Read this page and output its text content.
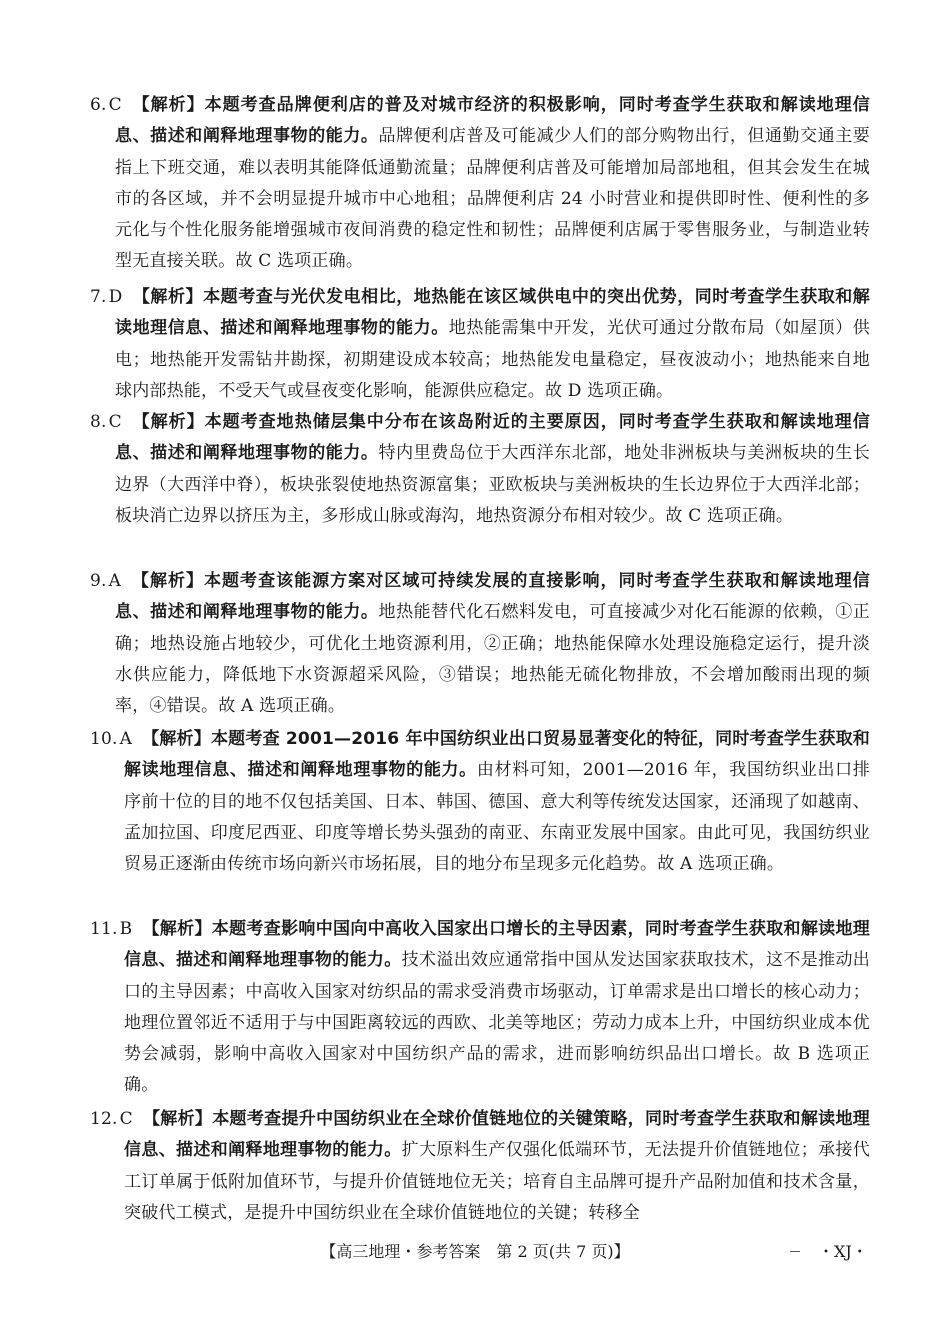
6. C 【解析】本题考查品牌便利店的普及对城市经济的积极影响，同时考查学生获取和解读地理信息、描述和阐释地理事物的能力。品牌便利店普及可能减少人们的部分购物出行，但通勤交通主要指上下班交通，难以表明其能降低通勤流量；品牌便利店普及可能增加局部地租，但其会发生在城市的各区域，并不会明显提升城市中心地租；品牌便利店 24 小时营业和提供即时性、便利性的多元化与个性化服务能增强城市夜间消费的稳定性和韧性；品牌便利店属于零售服务业，与制造业转型无直接关联。故 C 选项正确。

7. D 【解析】本题考查与光伏发电相比，地热能在该区域供电中的突出优势，同时考查学生获取和解读地理信息、描述和阐释地理事物的能力。地热能需集中开发，光伏可通过分散布局（如屋顶）供电；地热能开发需钻井勘探，初期建设成本较高；地热能发电量稳定，昼夜波动小；地热能来自地球内部热能，不受天气或昼夜变化影响，能源供应稳定。故 D 选项正确。

8. C 【解析】本题考查地热储层集中分布在该岛附近的主要原因，同时考查学生获取和解读地理信息、描述和阐释地理事物的能力。特内里费岛位于大西洋东北部，地处非洲板块与美洲板块的生长边界（大西洋中脊），板块张裂使地热资源富集；亚欧板块与美洲板块的生长边界位于大西洋北部；板块消亡边界以挤压为主，多形成山脉或海沟，地热资源分布相对较少。故 C 选项正确。

9. A 【解析】本题考查该能源方案对区域可持续发展的直接影响，同时考查学生获取和解读地理信息、描述和阐释地理事物的能力。地热能替代化石燃料发电，可直接减少对化石能源的依赖，①正确；地热设施占地较少，可优化土地资源利用，②正确；地热能保障水处理设施稳定运行，提升淡水供应能力，降低地下水资源超采风险，③错误；地热能无硫化物排放，不会增加酸雨出现的频率，④错误。故 A 选项正确。

10. A 【解析】本题考查 2001—2016 年中国纺织业出口贸易显著变化的特征，同时考查学生获取和解读地理信息、描述和阐释地理事物的能力。由材料可知，2001—2016 年，我国纺织业出口排序前十位的目的地不仅包括美国、日本、韩国、德国、意大利等传统发达国家，还涌现了如越南、孟加拉国、印度尼西亚、印度等增长势头强劲的南亚、东南亚发展中国家。由此可见，我国纺织业贸易正逐渐由传统市场向新兴市场拓展，目的地分布呈现多元化趋势。故 A 选项正确。

11. B 【解析】本题考查影响中国向中高收入国家出口增长的主导因素，同时考查学生获取和解读地理信息、描述和阐释地理事物的能力。技术溢出效应通常指中国从发达国家获取技术，这不是推动出口的主导因素；中高收入国家对纺织品的需求受消费市场驱动，订单需求是出口增长的核心动力；地理位置邻近不适用于与中国距离较远的西欧、北美等地区；劳动力成本上升，中国纺织业成本优势会减弱，影响中高收入国家对中国纺织产品的需求，进而影响纺织品出口增长。故 B 选项正确。

12. C 【解析】本题考查提升中国纺织业在全球价值链地位的关键策略，同时考查学生获取和解读地理信息、描述和阐释地理事物的能力。扩大原料生产仅强化低端环节，无法提升价值链地位；承接代工订单属于低附加值环节，与提升价值链地位无关；培育自主品牌可提升产品附加值和技术含量，突破代工模式，是提升中国纺织业在全球价值链地位的关键；转移全

【高三地理・参考答案　第 2 页(共 7 页)】	・XJ・
